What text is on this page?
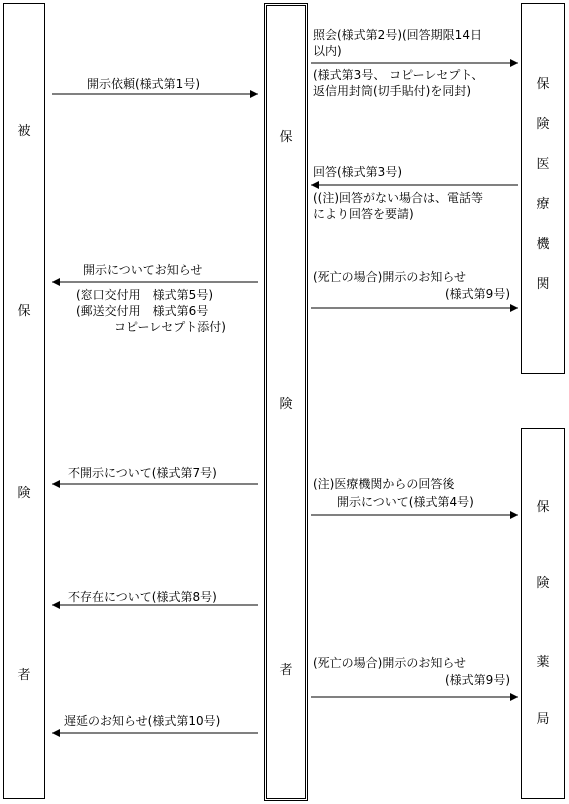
被
保
険
者
保
険
者
保
険
医
療
機
関
保
険
薬
局
開示依頼(様式第1号)
照会(様式第2号)(回答期限14日
以内)
(様式第3号、 コピーレセプト、
返信用封筒(切手貼付)を同封)
回答(様式第3号)
((注)回答がない場合は、電話等
により回答を要請)
開示についてお知らせ
(窓口交付用　様式第5号)
(郵送交付用　様式第6号
コピーレセプト添付)
(死亡の場合)開示のお知らせ
(様式第9号)
不開示について(様式第7号)
(注)医療機関からの回答後
開示について(様式第4号)
不存在について(様式第8号)
(死亡の場合)開示のお知らせ
(様式第9号)
遅延のお知らせ(様式第10号)
